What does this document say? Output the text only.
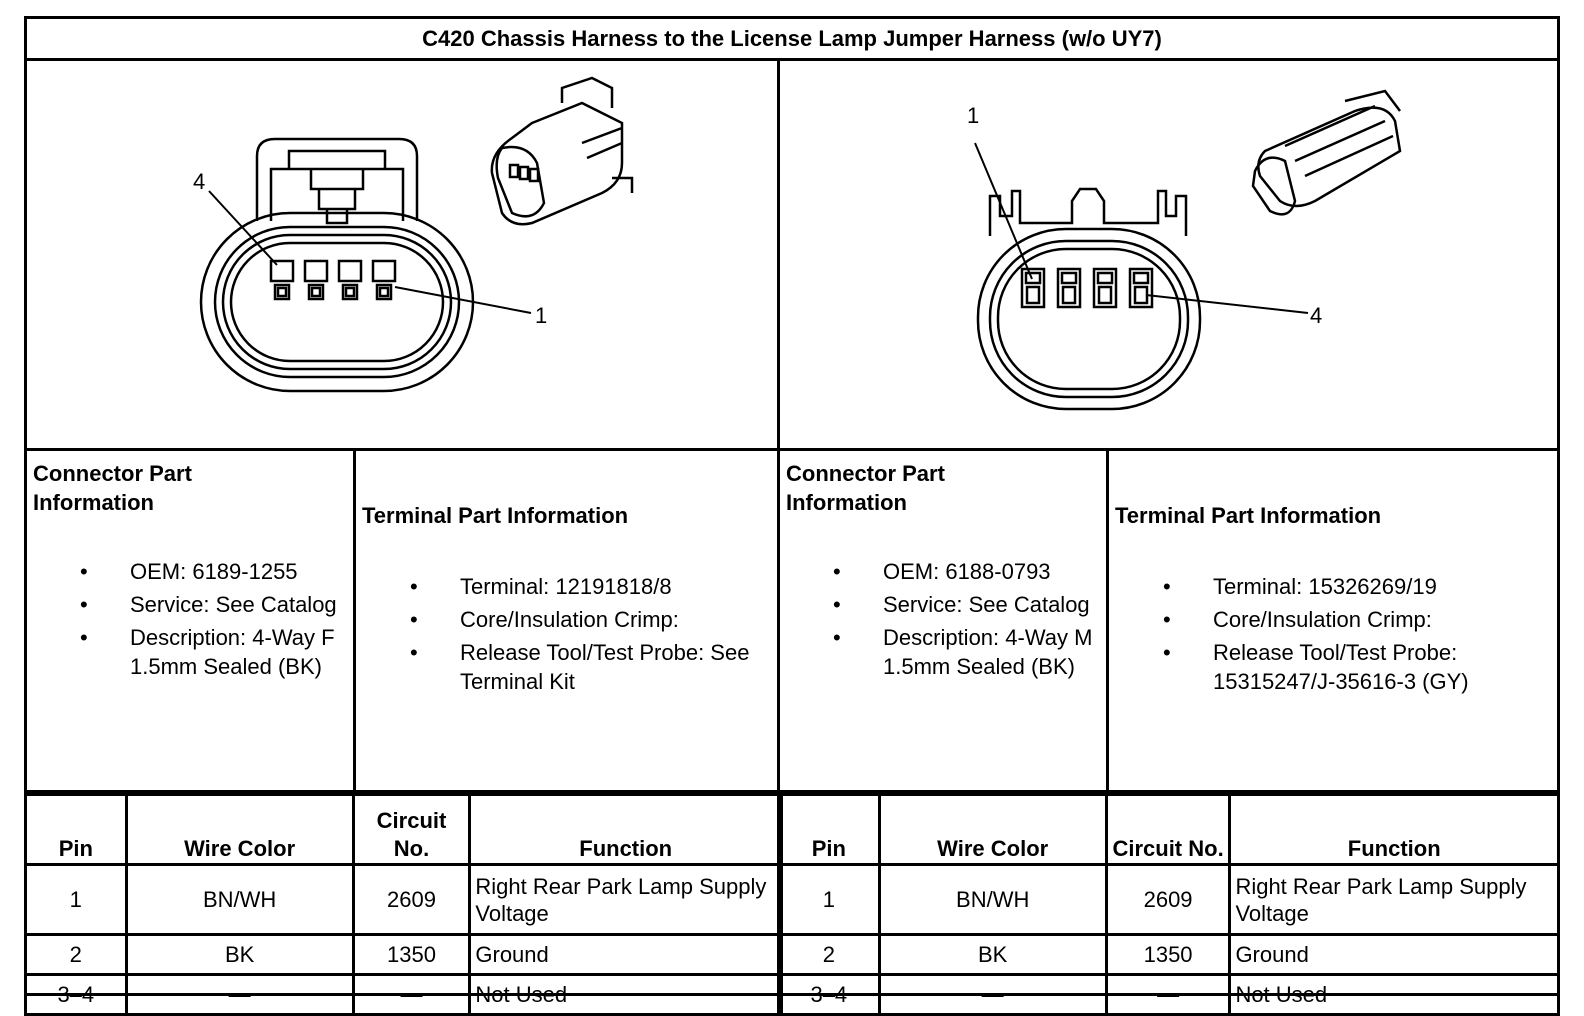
C420 Chassis Harness to the License Lamp Jumper Harness (w/o UY7)
4
1
1
4
Connector Part Information
• OEM: 6189-1255
• Service: See Catalog
• Description: 4-Way F 1.5mm Sealed (BK)
Terminal Part Information
• Terminal: 12191818/8
• Core/Insulation Crimp:
• Release Tool/Test Probe: See Terminal Kit
Connector Part Information
• OEM: 6188-0793
• Service: See Catalog
• Description: 4-Way M 1.5mm Sealed (BK)
Terminal Part Information
• Terminal: 15326269/19
• Core/Insulation Crimp:
• Release Tool/Test Probe: 15315247/J-35616-3 (GY)
Pin	Wire Color	Circuit No.	Function
1	BN/WH	2609	Right Rear Park Lamp Supply Voltage
2	BK	1350	Ground
3–4	—	—	Not Used
Pin	Wire Color	Circuit No.	Function
1	BN/WH	2609	Right Rear Park Lamp Supply Voltage
2	BK	1350	Ground
3–4	—	—	Not Used
